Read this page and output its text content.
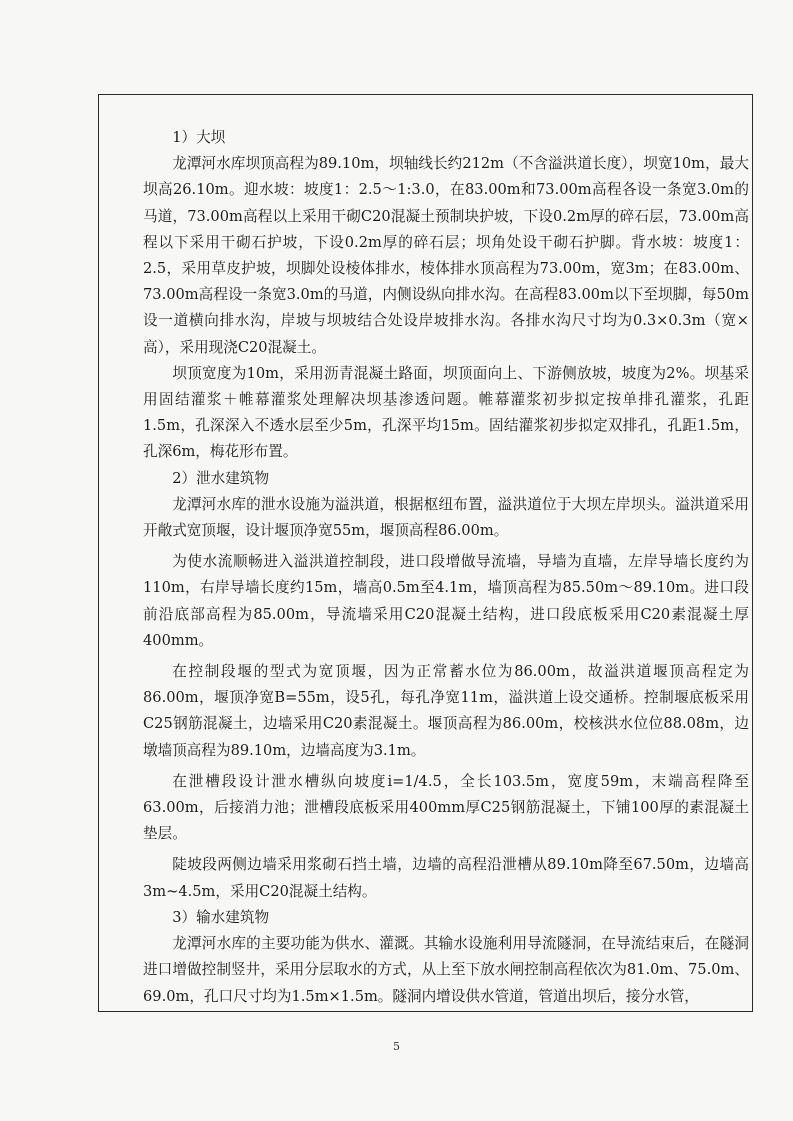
1）大坝

龙潭河水库坝顶高程为89.10m，坝轴线长约212m（不含溢洪道长度），坝宽10m，最大坝高26.10m。迎水坡：坡度1：2.5～1:3.0，在83.00m和73.00m高程各设一条宽3.0m的马道，73.00m高程以上采用干砌C20混凝土预制块护坡，下设0.2m厚的碎石层，73.00m高程以下采用干砌石护坡，下设0.2m厚的碎石层；坝角处设干砌石护脚。背水坡：坡度1：2.5，采用草皮护坡，坝脚处设棱体排水，棱体排水顶高程为73.00m，宽3m；在83.00m、73.00m高程设一条宽3.0m的马道，内侧设纵向排水沟。在高程83.00m以下至坝脚，每50m设一道横向排水沟，岸坡与坝坡结合处设岸坡排水沟。各排水沟尺寸均为0.3×0.3m（宽×高），采用现浇C20混凝土。

坝顶宽度为10m，采用沥青混凝土路面，坝顶面向上、下游侧放坡，坡度为2%。坝基采用固结灌浆＋帷幕灌浆处理解决坝基渗透问题。帷幕灌浆初步拟定按单排孔灌浆，孔距1.5m，孔深深入不透水层至少5m，孔深平均15m。固结灌浆初步拟定双排孔，孔距1.5m，孔深6m，梅花形布置。

2）泄水建筑物

龙潭河水库的泄水设施为溢洪道，根据枢纽布置，溢洪道位于大坝左岸坝头。溢洪道采用开敞式宽顶堰，设计堰顶净宽55m，堰顶高程86.00m。

为使水流顺畅进入溢洪道控制段，进口段增做导流墙，导墙为直墙，左岸导墙长度约为110m，右岸导墙长度约15m，墙高0.5m至4.1m，墙顶高程为85.50m～89.10m。进口段前沿底部高程为85.00m，导流墙采用C20混凝土结构，进口段底板采用C20素混凝土厚400mm。

在控制段堰的型式为宽顶堰，因为正常蓄水位为86.00m，故溢洪道堰顶高程定为86.00m，堰顶净宽B=55m，设5孔，每孔净宽11m，溢洪道上设交通桥。控制堰底板采用C25钢筋混凝土，边墙采用C20素混凝土。堰顶高程为86.00m，校核洪水位位88.08m，边墩墙顶高程为89.10m，边墙高度为3.1m。

在泄槽段设计泄水槽纵向坡度i=1/4.5，全长103.5m，宽度59m，末端高程降至63.00m，后接消力池；泄槽段底板采用400mm厚C25钢筋混凝土，下铺100厚的素混凝土垫层。

陡坡段两侧边墙采用浆砌石挡土墙，边墙的高程沿泄槽从89.10m降至67.50m，边墙高3m~4.5m，采用C20混凝土结构。

3）输水建筑物

龙潭河水库的主要功能为供水、灌溉。其输水设施利用导流隧洞，在导流结束后，在隧洞进口增做控制竖井，采用分层取水的方式，从上至下放水闸控制高程依次为81.0m、75.0m、69.0m，孔口尺寸均为1.5m×1.5m。隧洞内增设供水管道，管道出坝后，接分水管，

5
